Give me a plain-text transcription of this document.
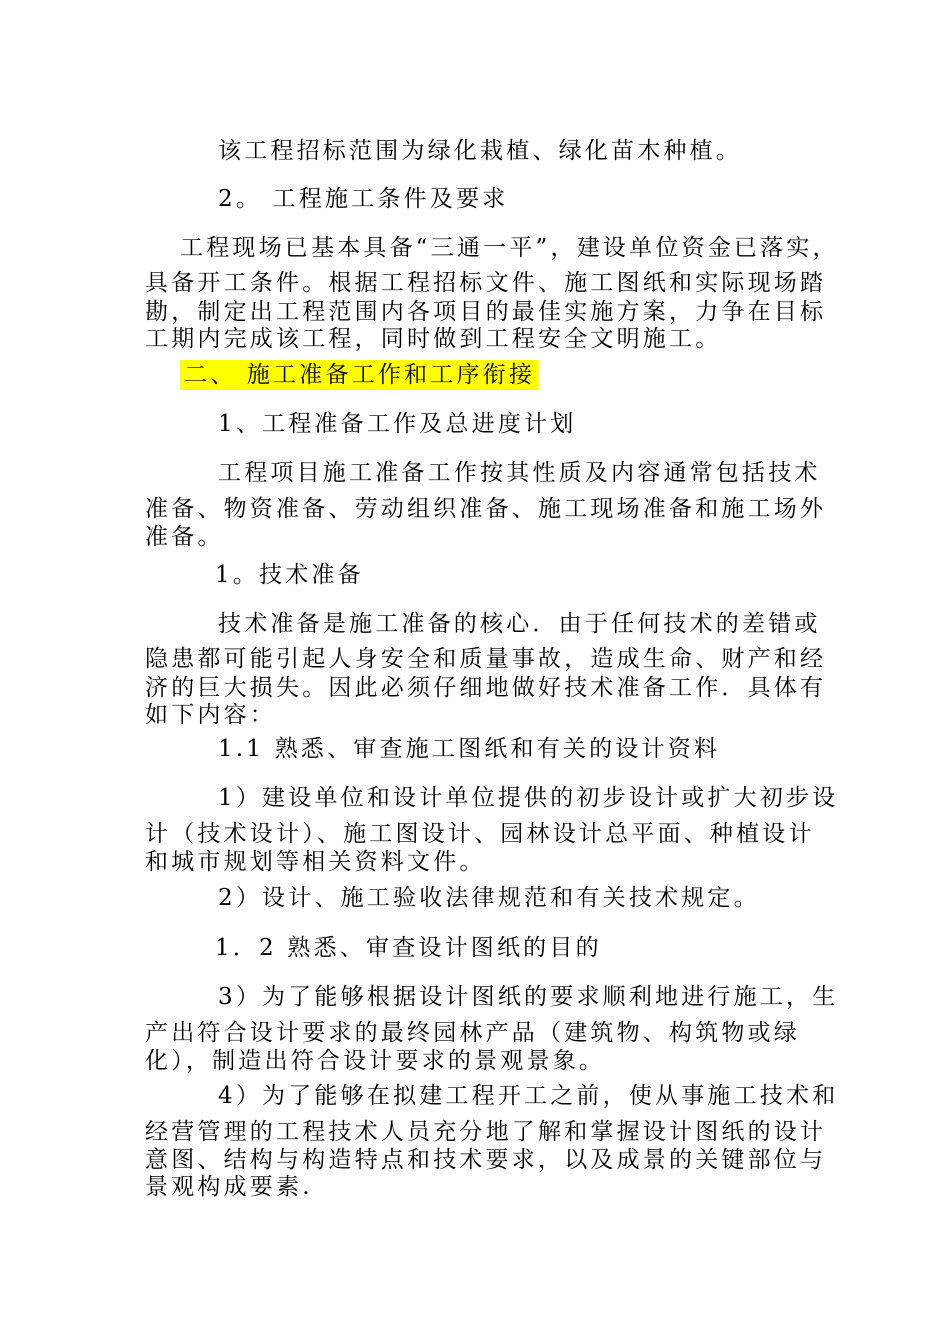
该工程招标范围为绿化栽植、绿化苗木种植。
2。 工程施工条件及要求
工程现场已基本具备“三通一平”，建设单位资金已落实，
具备开工条件。根据工程招标文件、施工图纸和实际现场踏
勘，制定出工程范围内各项目的最佳实施方案，力争在目标
工期内完成该工程，同时做到工程安全文明施工。
二、 施工准备工作和工序衔接
1、工程准备工作及总进度计划
工程项目施工准备工作按其性质及内容通常包括技术
准备、物资准备、劳动组织准备、施工现场准备和施工场外
准备。
1。技术准备
技术准备是施工准备的核心．由于任何技术的差错或
隐患都可能引起人身安全和质量事故，造成生命、财产和经
济的巨大损失。因此必须仔细地做好技术准备工作．具体有
如下内容：
1.1 熟悉、审查施工图纸和有关的设计资料
1）建设单位和设计单位提供的初步设计或扩大初步设
计（技术设计）、施工图设计、园林设计总平面、种植设计
和城市规划等相关资料文件。
2）设计、施工验收法律规范和有关技术规定。
1．2 熟悉、审查设计图纸的目的
3）为了能够根据设计图纸的要求顺利地进行施工，生
产出符合设计要求的最终园林产品（建筑物、构筑物或绿
化），制造出符合设计要求的景观景象。
4）为了能够在拟建工程开工之前，使从事施工技术和
经营管理的工程技术人员充分地了解和掌握设计图纸的设计
意图、结构与构造特点和技术要求，以及成景的关键部位与
景观构成要素.
